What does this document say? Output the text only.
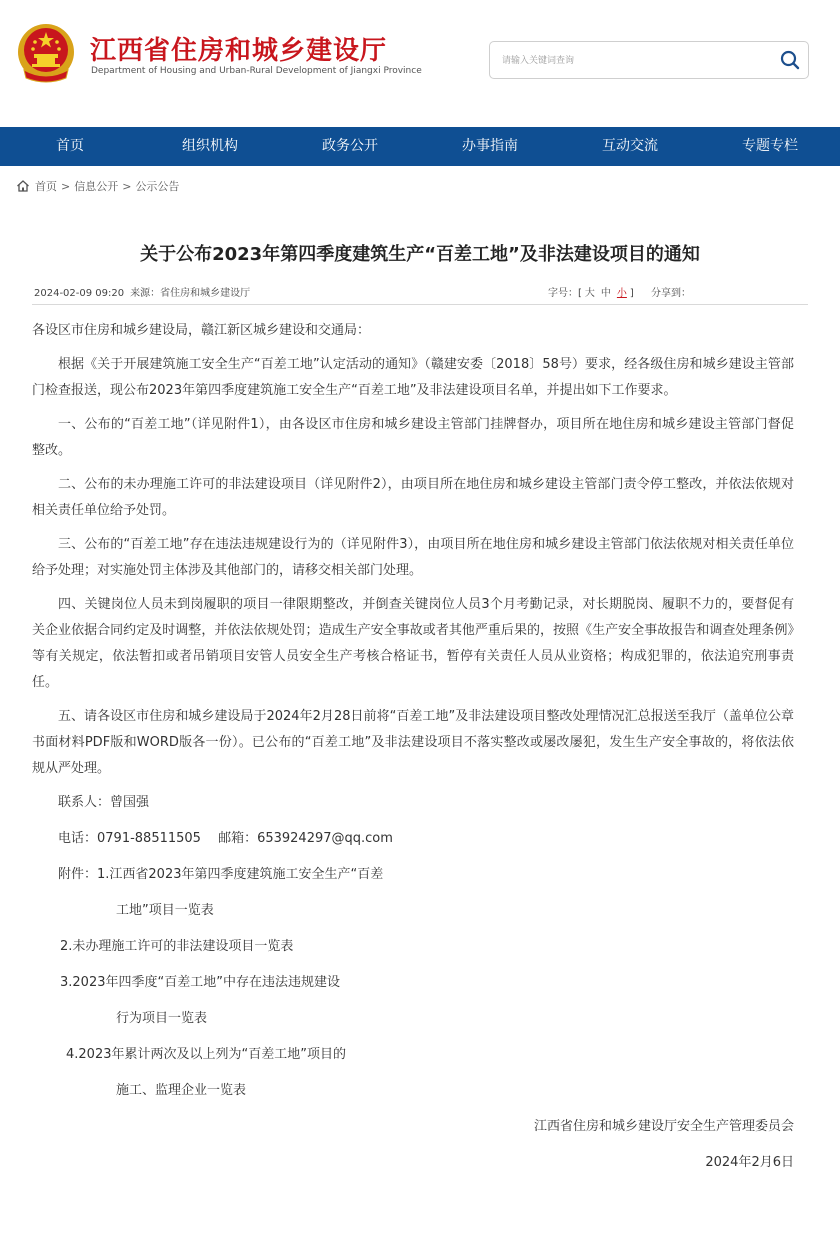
江西省住房和城乡建设厅
Department of Housing and Urban-Rural Development of Jiangxi Province
请输入关键词查询
首页	组织机构	政务公开	办事指南	互动交流	专题专栏
首页 > 信息公开 > 公示公告
关于公布2023年第四季度建筑生产“百差工地”及非法建设项目的通知
2024-02-09 09:20 来源：省住房和城乡建设厅	字号：[ 大 中 小 ] 分享到：

各设区市住房和城乡建设局，赣江新区城乡建设和交通局：

根据《关于开展建筑施工安全生产“百差工地”认定活动的通知》（赣建安委〔2018〕58号）要求，经各级住房和城乡建设主管部门检查报送，现公布2023年第四季度建筑施工安全生产“百差工地”及非法建设项目名单，并提出如下工作要求。

一、公布的“百差工地”（详见附件1），由各设区市住房和城乡建设主管部门挂牌督办，项目所在地住房和城乡建设主管部门督促整改。

二、公布的未办理施工许可的非法建设项目（详见附件2），由项目所在地住房和城乡建设主管部门责令停工整改，并依法依规对相关责任单位给予处罚。

三、公布的“百差工地”存在违法违规建设行为的（详见附件3），由项目所在地住房和城乡建设主管部门依法依规对相关责任单位给予处理；对实施处罚主体涉及其他部门的，请移交相关部门处理。

四、关键岗位人员未到岗履职的项目一律限期整改，并倒查关键岗位人员3个月考勤记录，对长期脱岗、履职不力的，要督促有关企业依据合同约定及时调整，并依法依规处罚；造成生产安全事故或者其他严重后果的，按照《生产安全事故报告和调查处理条例》等有关规定，依法暂扣或者吊销项目安管人员安全生产考核合格证书，暂停有关责任人员从业资格；构成犯罪的，依法追究刑事责任。

五、请各设区市住房和城乡建设局于2024年2月28日前将“百差工地”及非法建设项目整改处理情况汇总报送至我厅（盖单位公章书面材料PDF版和WORD版各一份）。已公布的“百差工地”及非法建设项目不落实整改或屡改屡犯，发生生产安全事故的，将依法依规从严处理。

联系人：曾国强
电话：0791-88511505　 邮箱：653924297@qq.com
附件：1.江西省2023年第四季度建筑施工安全生产“百差
工地”项目一览表
2.未办理施工许可的非法建设项目一览表
3.2023年四季度“百差工地”中存在违法违规建设
行为项目一览表
4.2023年累计两次及以上列为“百差工地”项目的
施工、监理企业一览表
江西省住房和城乡建设厅安全生产管理委员会
2024年2月6日
